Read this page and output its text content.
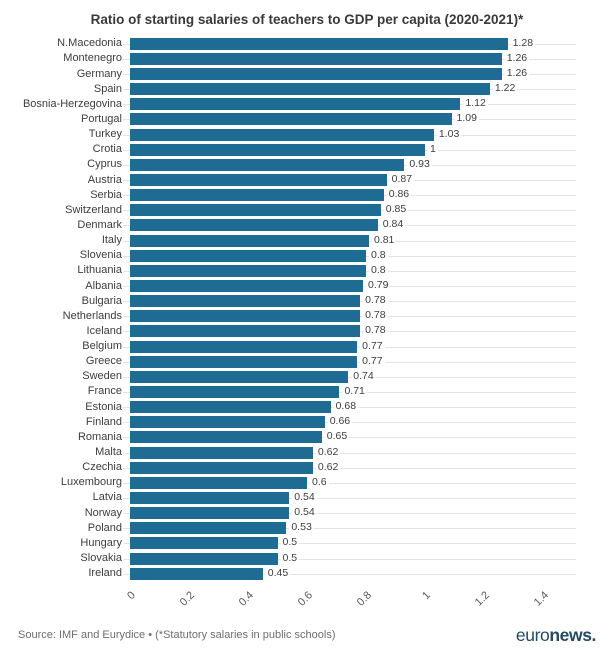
Ratio of starting salaries of teachers to GDP per capita (2020-2021)*
N.Macedonia	1.28
Montenegro	1.26
Germany	1.26
Spain	1.22
Bosnia-Herzegovina	1.12
Portugal	1.09
Turkey	1.03
Crotia	1
Cyprus	0.93
Austria	0.87
Serbia	0.86
Switzerland	0.85
Denmark	0.84
Italy	0.81
Slovenia	0.8
Lithuania	0.8
Albania	0.79
Bulgaria	0.78
Netherlands	0.78
Iceland	0.78
Belgium	0.77
Greece	0.77
Sweden	0.74
France	0.71
Estonia	0.68
Finland	0.66
Romania	0.65
Malta	0.62
Czechia	0.62
Luxembourg	0.6
Latvia	0.54
Norway	0.54
Poland	0.53
Hungary	0.5
Slovakia	0.5
Ireland	0.45
0	0.2	0.4	0.6	0.8	1	1.2	1.4
Source: IMF and Eurydice • (*Statutory salaries in public schools)	euronews.
